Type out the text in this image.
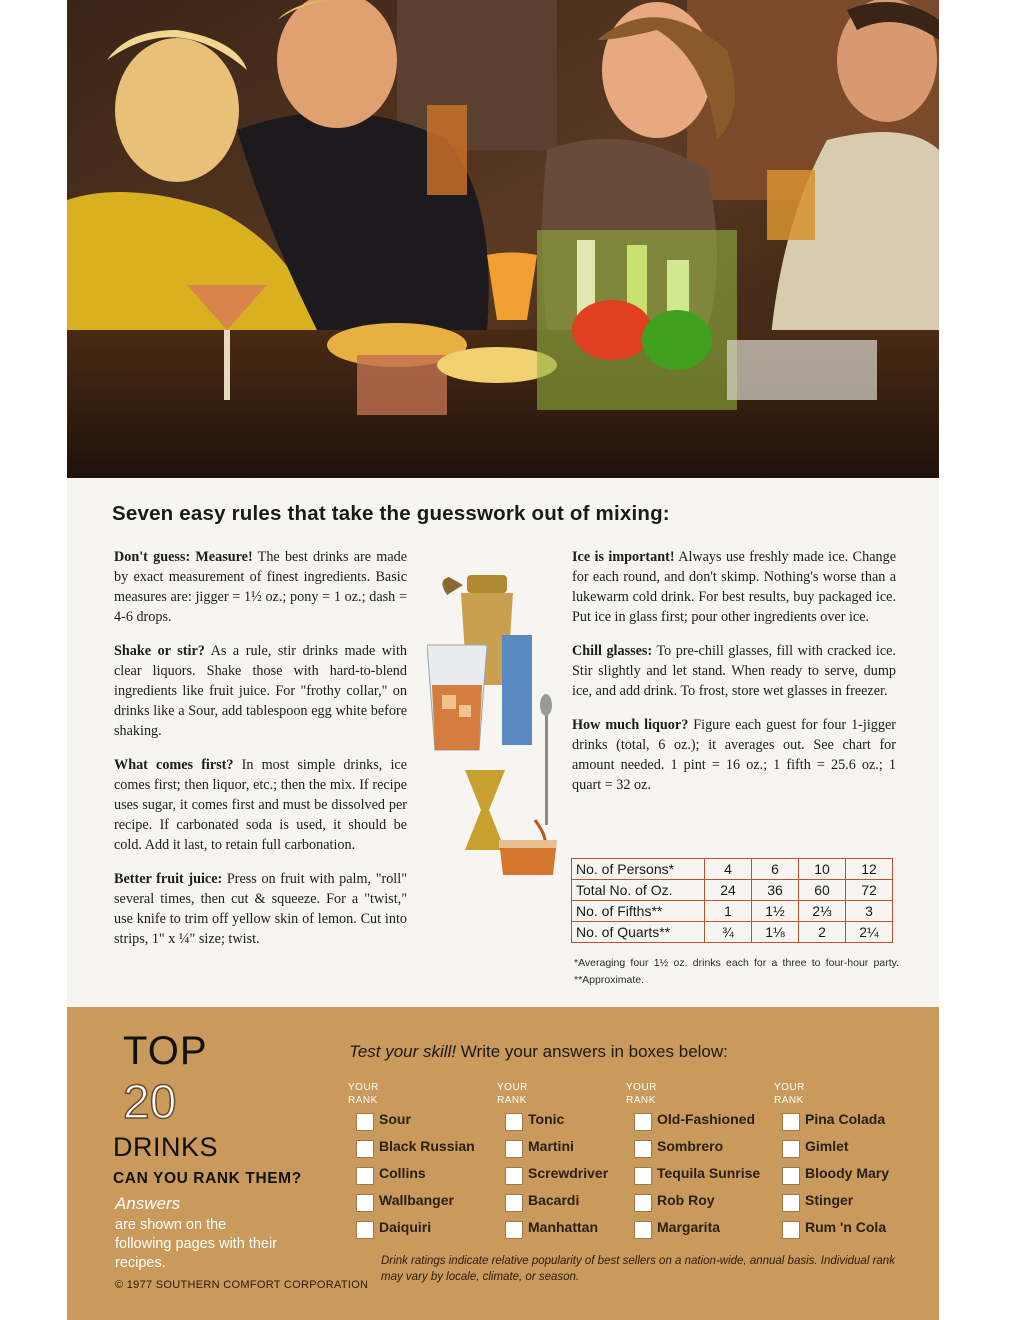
Seven easy rules that take the guesswork out of mixing:

Don't guess: Measure! The best drinks are made by exact measurement of finest ingredients. Basic measures are: jigger = 1½ oz.; pony = 1 oz.; dash = 4-6 drops.

Shake or stir? As a rule, stir drinks made with clear liquors. Shake those with hard-to-blend ingredients like fruit juice. For "frothy collar," on drinks like a Sour, add tablespoon egg white before shaking.

What comes first? In most simple drinks, ice comes first; then liquor, etc.; then the mix. If recipe uses sugar, it comes first and must be dissolved per recipe. If carbonated soda is used, it should be cold. Add it last, to retain full carbonation.

Better fruit juice: Press on fruit with palm, "roll" several times, then cut & squeeze. For a "twist," use knife to trim off yellow skin of lemon. Cut into strips, 1" x ¼" size; twist.

Ice is important! Always use freshly made ice. Change for each round, and don't skimp. Nothing's worse than a lukewarm cold drink. For best results, buy packaged ice. Put ice in glass first; pour other ingredients over ice.

Chill glasses: To pre-chill glasses, fill with cracked ice. Stir slightly and let stand. When ready to serve, dump ice, and add drink. To frost, store wet glasses in freezer.

How much liquor? Figure each guest for four 1-jigger drinks (total, 6 oz.); it averages out. See chart for amount needed. 1 pint = 16 oz.; 1 fifth = 25.6 oz.; 1 quart = 32 oz.

No. of Persons*	4	6	10	12
Total No. of Oz.	24	36	60	72
No. of Fifths**	1	1½	2⅓	3
No. of Quarts**	¾	1⅛	2	2¼
*Averaging four 1½ oz. drinks each for a three to four-hour party. **Approximate.
TOP
20
DRINKS
CAN YOU RANK THEM?
Answers
are shown on the following pages with their recipes.
© 1977 SOUTHERN COMFORT CORPORATION
Test your skill! Write your answers in boxes below:
YOUR
RANK
Sour
Black Russian
Collins
Wallbanger
Daiquiri
YOUR
RANK
Tonic
Martini
Screwdriver
Bacardi
Manhattan
YOUR
RANK
Old-Fashioned
Sombrero
Tequila Sunrise
Rob Roy
Margarita
YOUR
RANK
Pina Colada
Gimlet
Bloody Mary
Stinger
Rum 'n Cola
Drink ratings indicate relative popularity of best sellers on a nation-wide, annual basis. Individual rank may vary by locale, climate, or season.
